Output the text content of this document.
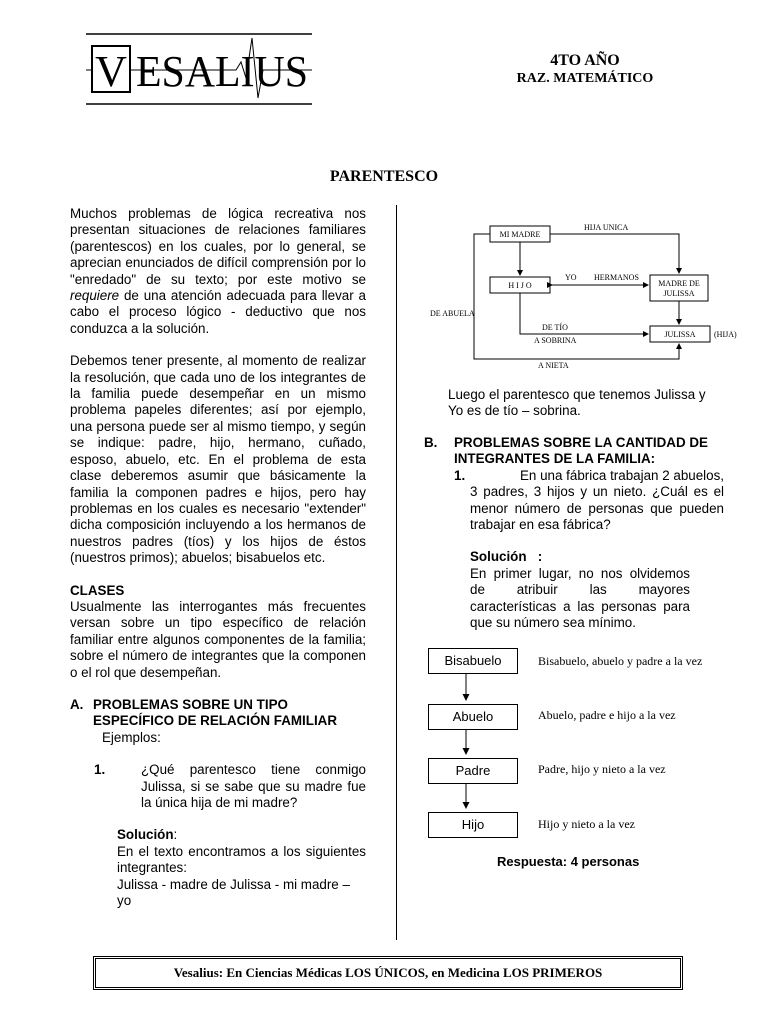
V ESALIUS	4TO AÑO
RAZ. MATEMÁTICO
PARENTESCO

Muchos problemas de lógica recreativa nos presentan situaciones de relaciones familiares (parentescos) en los cuales, por lo general, se aprecian enunciados de difícil comprensión por lo "enredado" de su texto; por este motivo se requiere de una atención adecuada para llevar a cabo el proceso lógico - deductivo que nos conduzca a la solución.

Debemos tener presente, al momento de realizar la resolución, que cada uno de los integrantes de la familia puede desempeñar en un mismo problema papeles diferentes; así por ejemplo, una persona puede ser al mismo tiempo, y según se indique: padre, hijo, hermano, cuñado, esposo, abuelo, etc. En el problema de esta clase deberemos asumir que básicamente la familia la componen padres e hijos, pero hay problemas en los cuales es necesario "extender" dicha composición incluyendo a los hermanos de nuestros padres (tíos) y los hijos de éstos (nuestros primos); abuelos; bisabuelos etc.

CLASES

Usualmente las interrogantes más frecuentes versan sobre un tipo específico de relación familiar entre algunos componentes de la familia; sobre el número de integrantes que la componen o el rol que desempeñan.

A. PROBLEMAS SOBRE UN TIPO ESPECÍFICO DE RELACIÓN FAMILIAR
Ejemplos:
1.	¿Qué parentesco tiene conmigo Julissa, si se sabe que su madre fue la única hija de mi madre?
Solución:
En el texto encontramos a los siguientes integrantes:
Julissa - madre de Julissa - mi madre – yo
MI MADRE
H I J O	MADRE DE
JULISSA
JULISSA
HIJA UNICA
YO HERMANOS
DE TÍO
A SOBRINA
(HIJA)
DE ABUELA
A NIETA
Luego el parentesco que tenemos Julissa y Yo es de tío – sobrina.
B.	PROBLEMAS SOBRE LA CANTIDAD DE INTEGRANTES DE LA FAMILIA:
1.	En una fábrica trabajan 2 abuelos, 3 padres, 3 hijos y un nieto. ¿Cuál es el menor número de personas que pueden trabajar en esa fábrica?
Solución :
En primer lugar, no nos olvidemos de atribuir las mayores características a las personas para que su número sea mínimo.
Bisabuelo	Bisabuelo, abuelo y padre a la vez
Abuelo	Abuelo, padre e hijo a la vez
Padre	Padre, hijo y nieto a la vez
Hijo	Hijo y nieto a la vez
Respuesta: 4 personas
Vesalius: En Ciencias Médicas LOS ÚNICOS, en Medicina LOS PRIMEROS
